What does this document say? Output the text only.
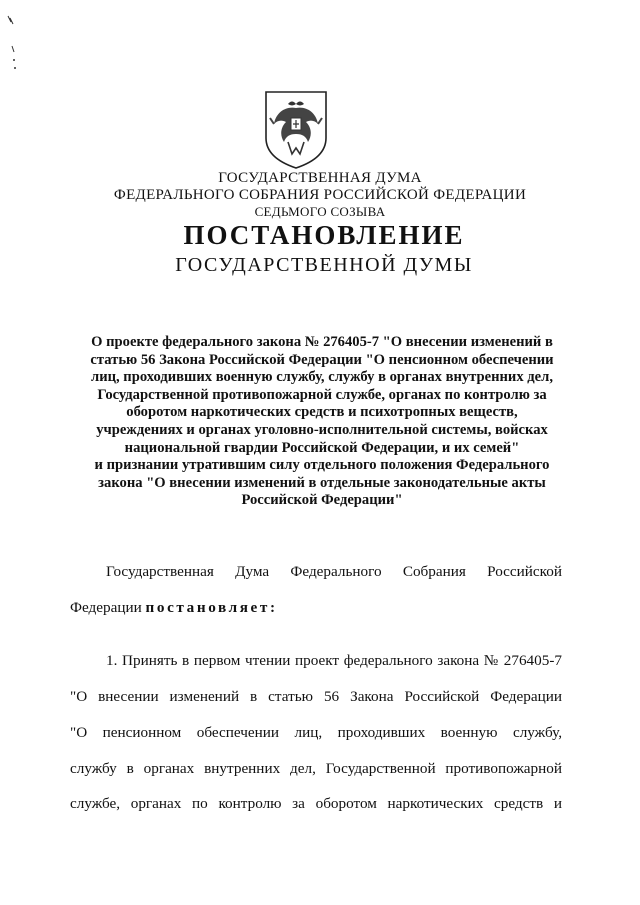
ГОСУДАРСТВЕННАЯ ДУМА
ФЕДЕРАЛЬНОГО СОБРАНИЯ РОССИЙСКОЙ ФЕДЕРАЦИИ
СЕДЬМОГО СОЗЫВА
ПОСТАНОВЛЕНИЕ
ГОСУДАРСТВЕННОЙ ДУМЫ
О проекте федерального закона № 276405-7 "О внесении изменений в
статью 56 Закона Российской Федерации "О пенсионном обеспечении
лиц, проходивших военную службу, службу в органах внутренних дел,
Государственной противопожарной службе, органах по контролю за
оборотом наркотических средств и психотропных веществ,
учреждениях и органах уголовно-исполнительной системы, войсках
национальной гвардии Российской Федерации, и их семей"
и признании утратившим силу отдельного положения Федерального
закона "О внесении изменений в отдельные законодательные акты
Российской Федерации"
Государственная Дума Федерального Собрания Российской
Федерации постановляет:
1. Принять в первом чтении проект федерального закона № 276405-7
"О внесении изменений в статью 56 Закона Российской Федерации
"О пенсионном обеспечении лиц, проходивших военную службу,
службу в органах внутренних дел, Государственной противопожарной
службе, органах по контролю за оборотом наркотических средств и
